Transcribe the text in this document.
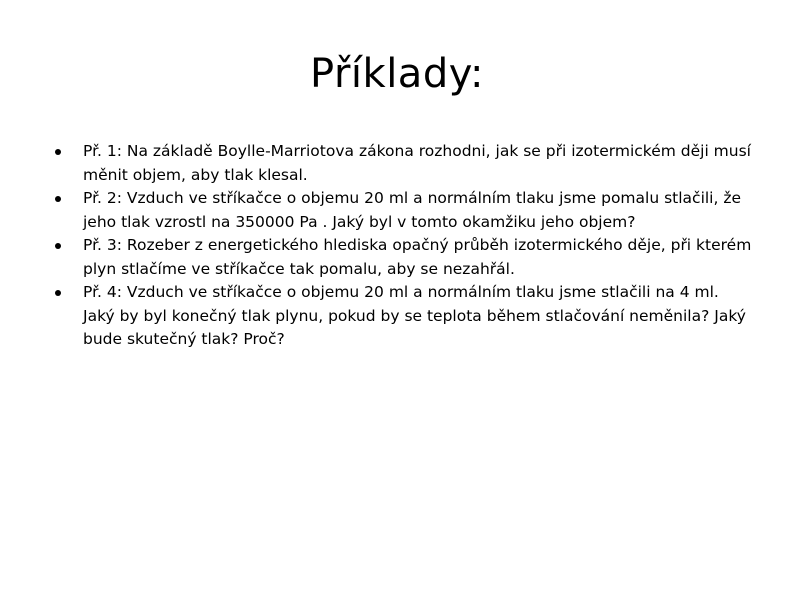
Příklady:
Př. 1: Na základě Boylle-Marriotova zákona rozhodni, jak se při izotermickém ději musí měnit objem, aby tlak klesal.
Př. 2: Vzduch ve stříkačce o objemu 20 ml a normálním tlaku jsme pomalu stlačili, že jeho tlak vzrostl na 350000 Pa . Jaký byl v tomto okamžiku jeho objem?
Př. 3: Rozeber z energetického hlediska opačný průběh izotermického děje, při kterém plyn stlačíme ve stříkačce tak pomalu, aby se nezahřál.
Př. 4: Vzduch ve stříkačce o objemu 20 ml a normálním tlaku jsme stlačili na 4 ml. Jaký by byl konečný tlak plynu, pokud by se teplota během stlačování neměnila? Jaký bude skutečný tlak? Proč?
